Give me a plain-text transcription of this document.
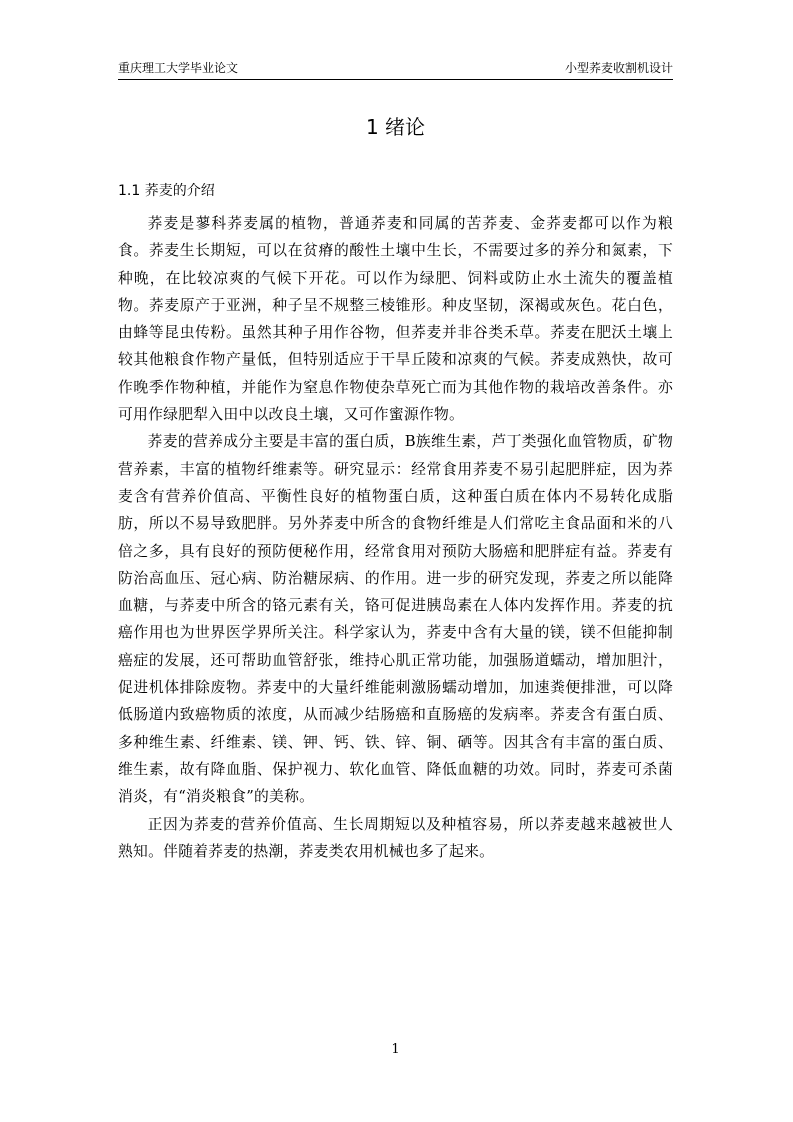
重庆理工大学毕业论文	小型荞麦收割机设计
1 绪论
1.1 荞麦的介绍

荞麦是蓼科荞麦属的植物，普通荞麦和同属的苦荞麦、金荞麦都可以作为粮食。荞麦生长期短，可以在贫瘠的酸性土壤中生长，不需要过多的养分和氮素，下种晚，在比较凉爽的气候下开花。可以作为绿肥、饲料或防止水土流失的覆盖植物。荞麦原产于亚洲，种子呈不规整三棱锥形。种皮坚韧，深褐或灰色。花白色，由蜂等昆虫传粉。虽然其种子用作谷物，但荞麦并非谷类禾草。荞麦在肥沃土壤上较其他粮食作物产量低，但特别适应于干旱丘陵和凉爽的气候。荞麦成熟快，故可作晚季作物种植，并能作为窒息作物使杂草死亡而为其他作物的栽培改善条件。亦可用作绿肥犁入田中以改良土壤，又可作蜜源作物。

荞麦的营养成分主要是丰富的蛋白质，B族维生素，芦丁类强化血管物质，矿物营养素，丰富的植物纤维素等。研究显示：经常食用荞麦不易引起肥胖症，因为荞麦含有营养价值高、平衡性良好的植物蛋白质，这种蛋白质在体内不易转化成脂肪，所以不易导致肥胖。另外荞麦中所含的食物纤维是人们常吃主食品面和米的八倍之多，具有良好的预防便秘作用，经常食用对预防大肠癌和肥胖症有益。荞麦有防治高血压、冠心病、防治糖尿病、的作用。进一步的研究发现，荞麦之所以能降血糖，与荞麦中所含的铬元素有关，铬可促进胰岛素在人体内发挥作用。荞麦的抗癌作用也为世界医学界所关注。科学家认为，荞麦中含有大量的镁，镁不但能抑制癌症的发展，还可帮助血管舒张，维持心肌正常功能，加强肠道蠕动，增加胆汁，促进机体排除废物。荞麦中的大量纤维能刺激肠蠕动增加，加速粪便排泄，可以降低肠道内致癌物质的浓度，从而减少结肠癌和直肠癌的发病率。荞麦含有蛋白质、多种维生素、纤维素、镁、钾、钙、铁、锌、铜、硒等。因其含有丰富的蛋白质、维生素，故有降血脂、保护视力、软化血管、降低血糖的功效。同时，荞麦可杀菌消炎，有“消炎粮食”的美称。

正因为荞麦的营养价值高、生长周期短以及种植容易，所以荞麦越来越被世人熟知。伴随着荞麦的热潮，荞麦类农用机械也多了起来。

1
